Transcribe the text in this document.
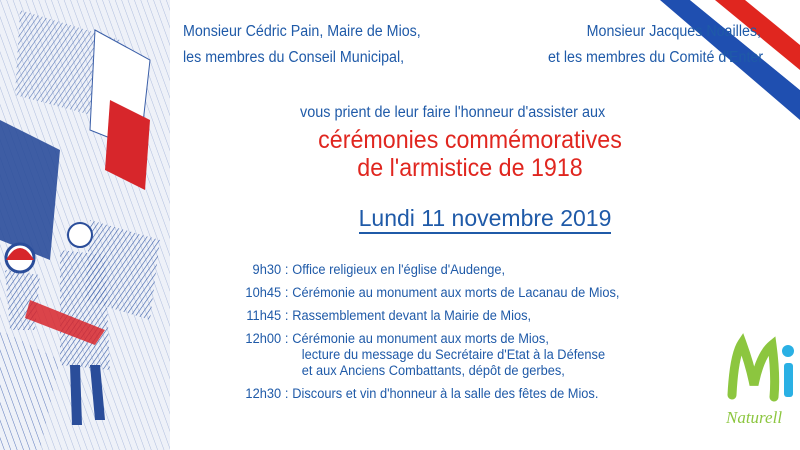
Monsieur Cédric Pain, Maire de Mios,
les membres du Conseil Municipal,
Monsieur Jacques Noailles,
et les membres du Comité d'Enter
vous prient de leur faire l'honneur d'assister aux
cérémonies commémoratives
de l'armistice de 1918
Lundi 11 novembre 2019
9h30 : Office religieux en l'église d'Audenge,
10h45 : Cérémonie au monument aux morts de Lacanau de Mios,
11h45 : Rassemblement devant la Mairie de Mios,
12h00 : Cérémonie au monument aux morts de Mios,
lecture du message du Secrétaire d'Etat à la Défense
et aux Anciens Combattants, dépôt de gerbes,
12h30 : Discours et vin d'honneur à la salle des fêtes de Mios.
Naturell
